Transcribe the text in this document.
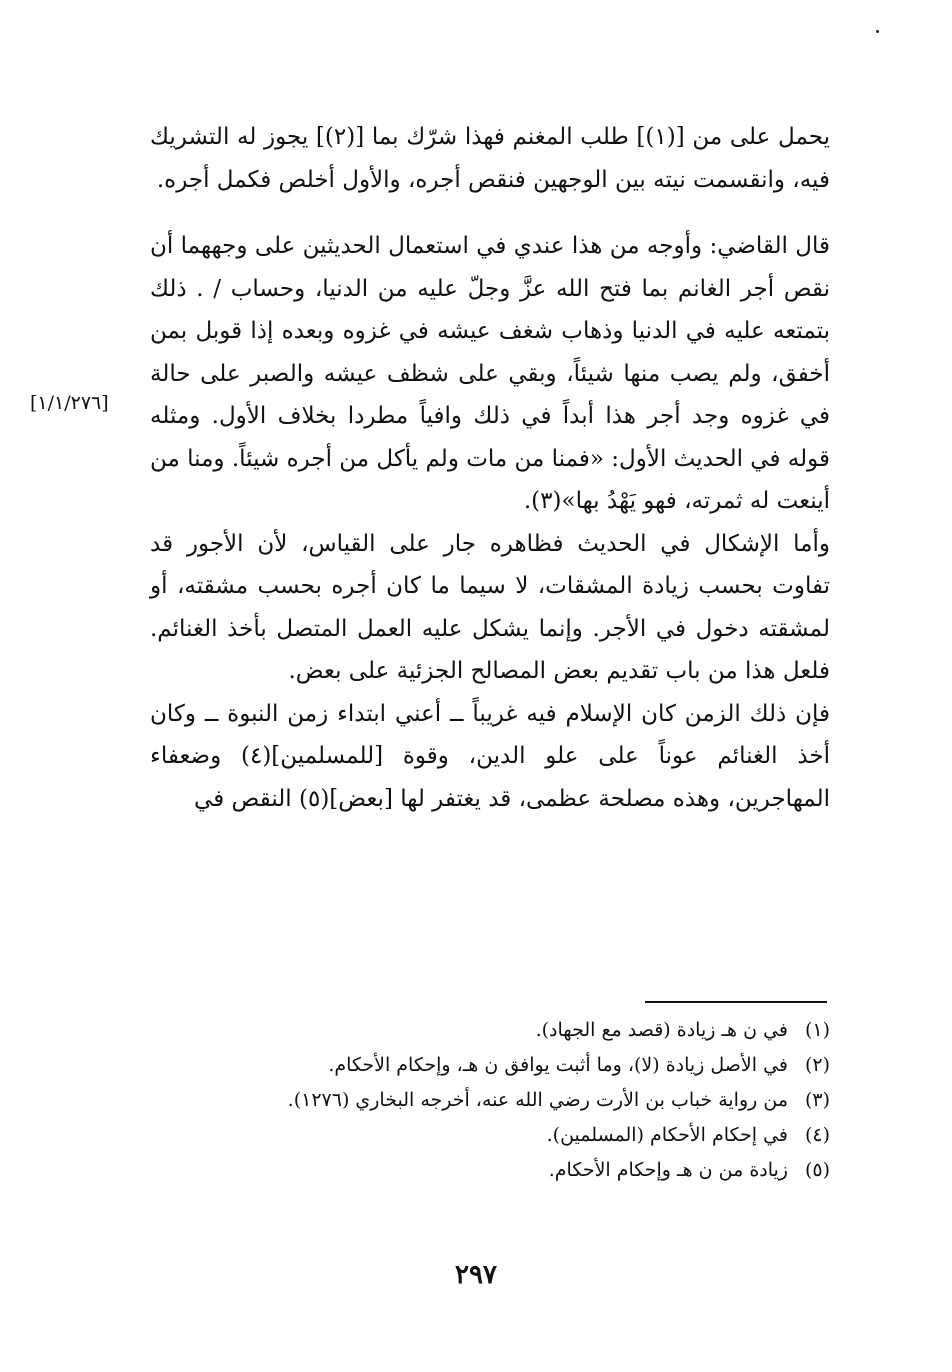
يحمل على من [(١)] طلب المغنم فهذا شرّك بما [(٢)] يجوز له التشريك فيه، وانقسمت نيته بين الوجهين فنقص أجره، والأول أخلص فكمل أجره.

قال القاضي: وأوجه من هذا عندي في استعمال الحديثين على وجههما أن نقص أجر الغانم بما فتح الله عزَّ وجلّ عليه من الدنيا، وحساب / . ذلك بتمتعه عليه في الدنيا وذهاب شغف عيشه في غزوه وبعده إذا قوبل بمن أخفق، ولم يصب منها شيئاً، وبقي على شظف عيشه والصبر على حالة في غزوه وجد أجر هذا أبداً في ذلك وافياً مطردا بخلاف الأول. ومثله قوله في الحديث الأول: «فمنا من مات ولم يأكل من أجره شيئاً. ومنا من أينعت له ثمرته، فهو يَهْدُ بها»(٣).

وأما الإشكال في الحديث فظاهره جار على القياس، لأن الأجور قد تفاوت بحسب زيادة المشقات، لا سيما ما كان أجره بحسب مشقته، أو لمشقته دخول في الأجر. وإنما يشكل عليه العمل المتصل بأخذ الغنائم. فلعل هذا من باب تقديم بعض المصالح الجزئية على بعض.

فإن ذلك الزمن كان الإسلام فيه غريباً ــ أعني ابتداء زمن النبوة ــ وكان أخذ الغنائم عوناً على علو الدين، وقوة [للمسلمين](٤) وضعفاء المهاجرين، وهذه مصلحة عظمى، قد يغتفر لها [بعض](٥) النقص في

[١/١/٢٧٦]

(١)
في ن هـ زيادة (قصد مع الجهاد).

(٢)
في الأصل زيادة (لا)، وما أثبت يوافق ن هـ، وإحكام الأحكام.

(٣)
من رواية خباب بن الأرت رضي الله عنه، أخرجه البخاري (١٢٧٦).

(٤)
في إحكام الأحكام (المسلمين).

(٥)
زيادة من ن هـ وإحكام الأحكام.

٢٩٧
